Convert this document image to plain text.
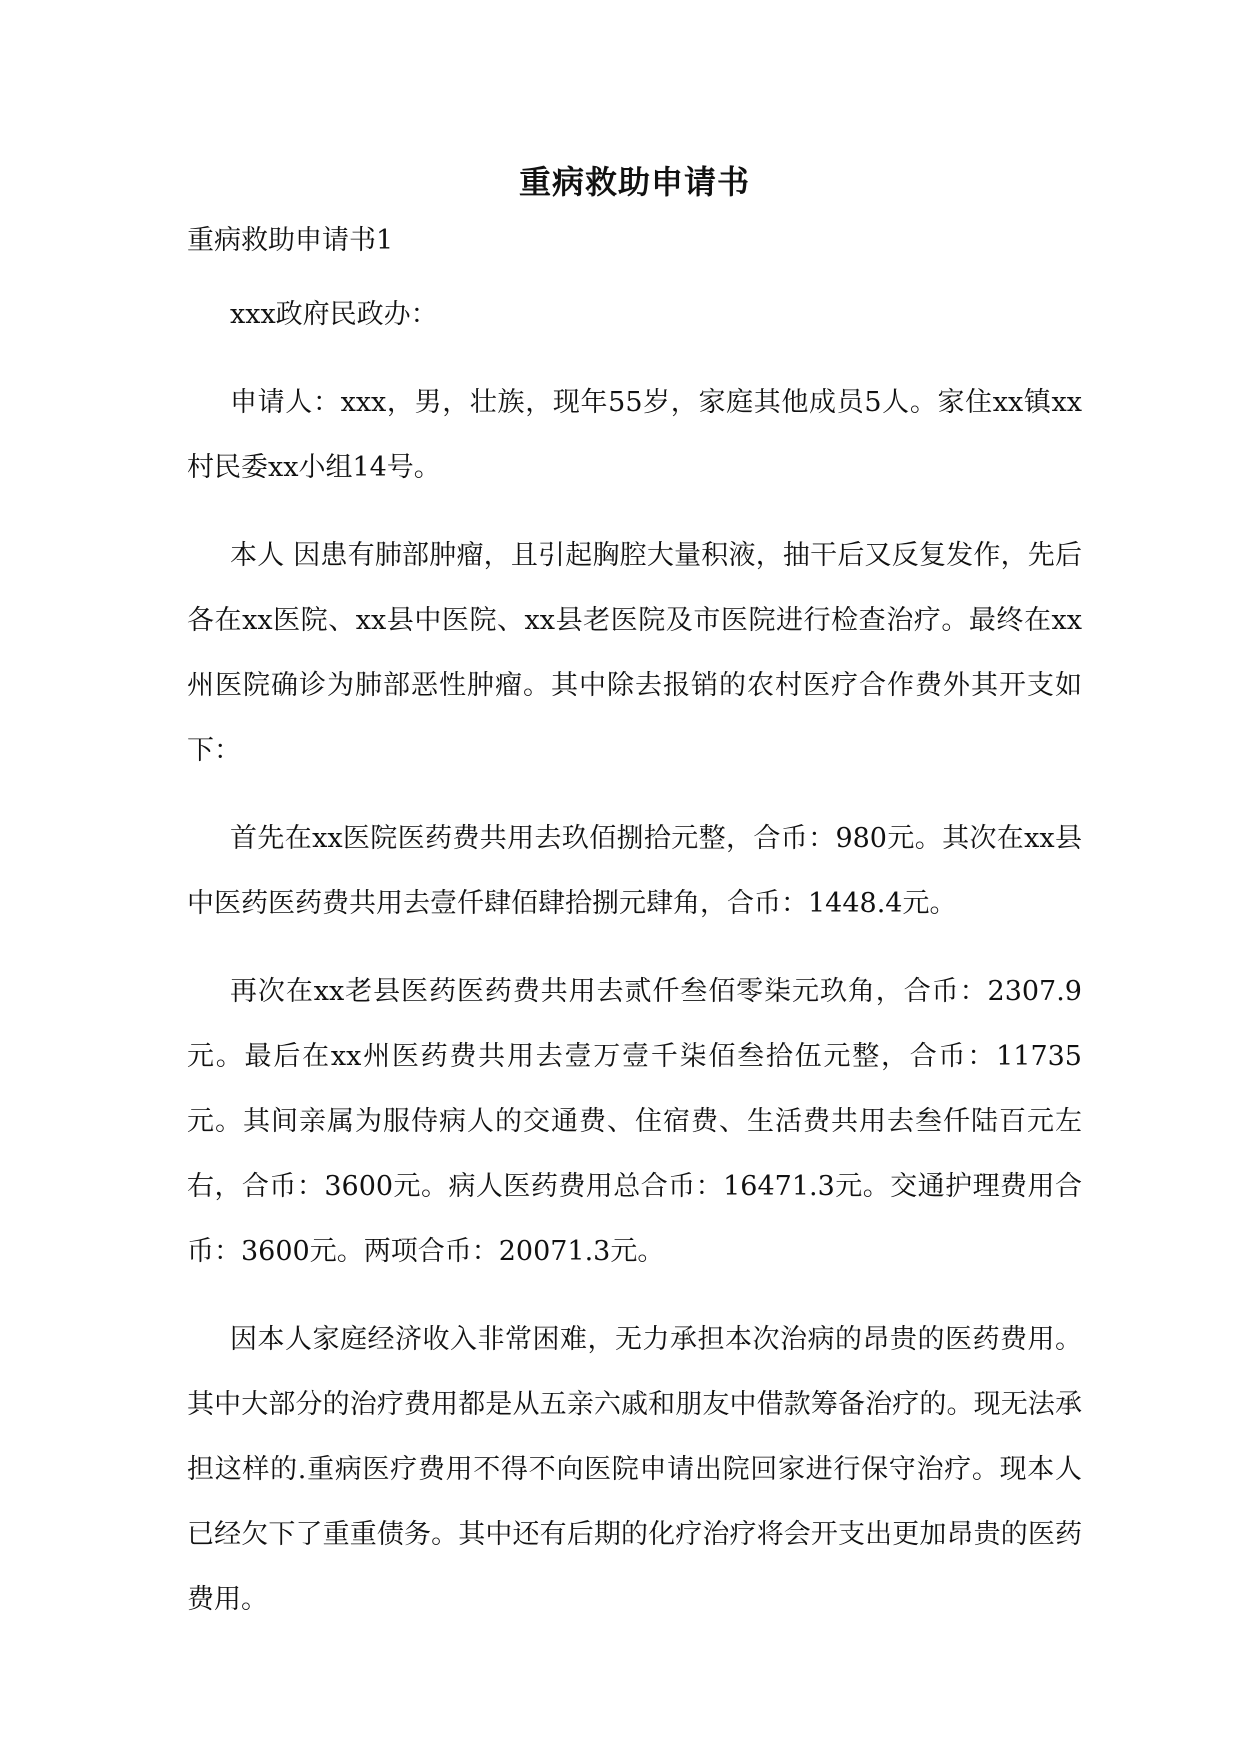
重病救助申请书

重病救助申请书1

xxx政府民政办：

申请人：xxx，男，壮族，现年55岁，家庭其他成员5人。家住xx镇xx村民委xx小组14号。

本人 因患有肺部肿瘤，且引起胸腔大量积液，抽干后又反复发作，先后各在xx医院、xx县中医院、xx县老医院及市医院进行检查治疗。最终在xx州医院确诊为肺部恶性肿瘤。其中除去报销的农村医疗合作费外其开支如下：

首先在xx医院医药费共用去玖佰捌拾元整，合币：980元。其次在xx县中医药医药费共用去壹仟肆佰肆拾捌元肆角，合币：1448.4元。

再次在xx老县医药医药费共用去贰仟叁佰零柒元玖角，合币：2307.9元。最后在xx州医药费共用去壹万壹千柒佰叁拾伍元整，合币：11735元。其间亲属为服侍病人的交通费、住宿费、生活费共用去叁仟陆百元左右，合币：3600元。病人医药费用总合币：16471.3元。交通护理费用合币：3600元。两项合币：20071.3元。

因本人家庭经济收入非常困难，无力承担本次治病的昂贵的医药费用。其中大部分的治疗费用都是从五亲六戚和朋友中借款筹备治疗的。现无法承担这样的.重病医疗费用不得不向医院申请出院回家进行保守治疗。现本人已经欠下了重重债务。其中还有后期的化疗治疗将会开支出更加昂贵的医药费用。
